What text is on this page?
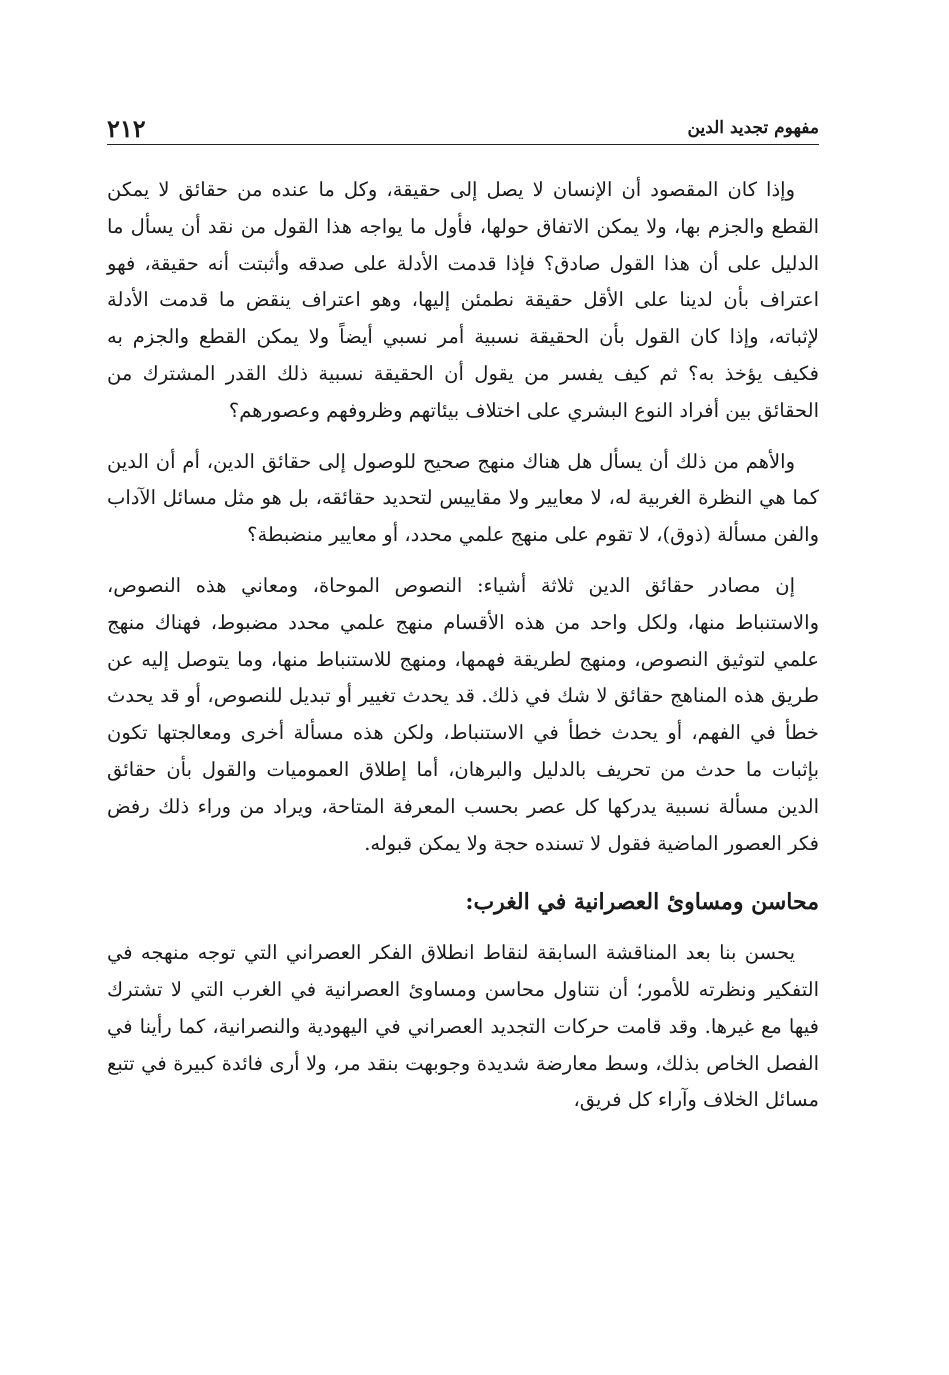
٢١٢	مفهوم تجديد الدين

وإذا كان المقصود أن الإنسان لا يصل إلى حقيقة، وكل ما عنده من حقائق لا يمكن القطع والجزم بها، ولا يمكن الاتفاق حولها، فأول ما يواجه هذا القول من نقد أن يسأل ما الدليل على أن هذا القول صادق؟ فإذا قدمت الأدلة على صدقه وأثبتت أنه حقيقة، فهو اعتراف بأن لدينا على الأقل حقيقة نطمئن إليها، وهو اعتراف ينقض ما قدمت الأدلة لإثباته، وإذا كان القول بأن الحقيقة نسبية أمر نسبي أيضاً ولا يمكن القطع والجزم به فكيف يؤخذ به؟ ثم كيف يفسر من يقول أن الحقيقة نسبية ذلك القدر المشترك من الحقائق بين أفراد النوع البشري على اختلاف بيئاتهم وظروفهم وعصورهم؟

والأهم من ذلك أن يسأل هل هناك منهج صحيح للوصول إلى حقائق الدين، أم أن الدين كما هي النظرة الغربية له، لا معايير ولا مقاييس لتحديد حقائقه، بل هو مثل مسائل الآداب والفن مسألة (ذوق)، لا تقوم على منهج علمي محدد، أو معايير منضبطة؟

إن مصادر حقائق الدين ثلاثة أشياء: النصوص الموحاة، ومعاني هذه النصوص، والاستنباط منها، ولكل واحد من هذه الأقسام منهج علمي محدد مضبوط، فهناك منهج علمي لتوثيق النصوص، ومنهج لطريقة فهمها، ومنهج للاستنباط منها، وما يتوصل إليه عن طريق هذه المناهج حقائق لا شك في ذلك. قد يحدث تغيير أو تبديل للنصوص، أو قد يحدث خطأ في الفهم، أو يحدث خطأ في الاستنباط، ولكن هذه مسألة أخرى ومعالجتها تكون بإثبات ما حدث من تحريف بالدليل والبرهان، أما إطلاق العموميات والقول بأن حقائق الدين مسألة نسبية يدركها كل عصر بحسب المعرفة المتاحة، ويراد من وراء ذلك رفض فكر العصور الماضية فقول لا تسنده حجة ولا يمكن قبوله.

محاسن ومساوئ العصرانية في الغرب:

يحسن بنا بعد المناقشة السابقة لنقاط انطلاق الفكر العصراني التي توجه منهجه في التفكير ونظرته للأمور؛ أن نتناول محاسن ومساوئ العصرانية في الغرب التي لا تشترك فيها مع غيرها. وقد قامت حركات التجديد العصراني في اليهودية والنصرانية، كما رأينا في الفصل الخاص بذلك، وسط معارضة شديدة وجوبهت بنقد مر، ولا أرى فائدة كبيرة في تتبع مسائل الخلاف وآراء كل فريق،
